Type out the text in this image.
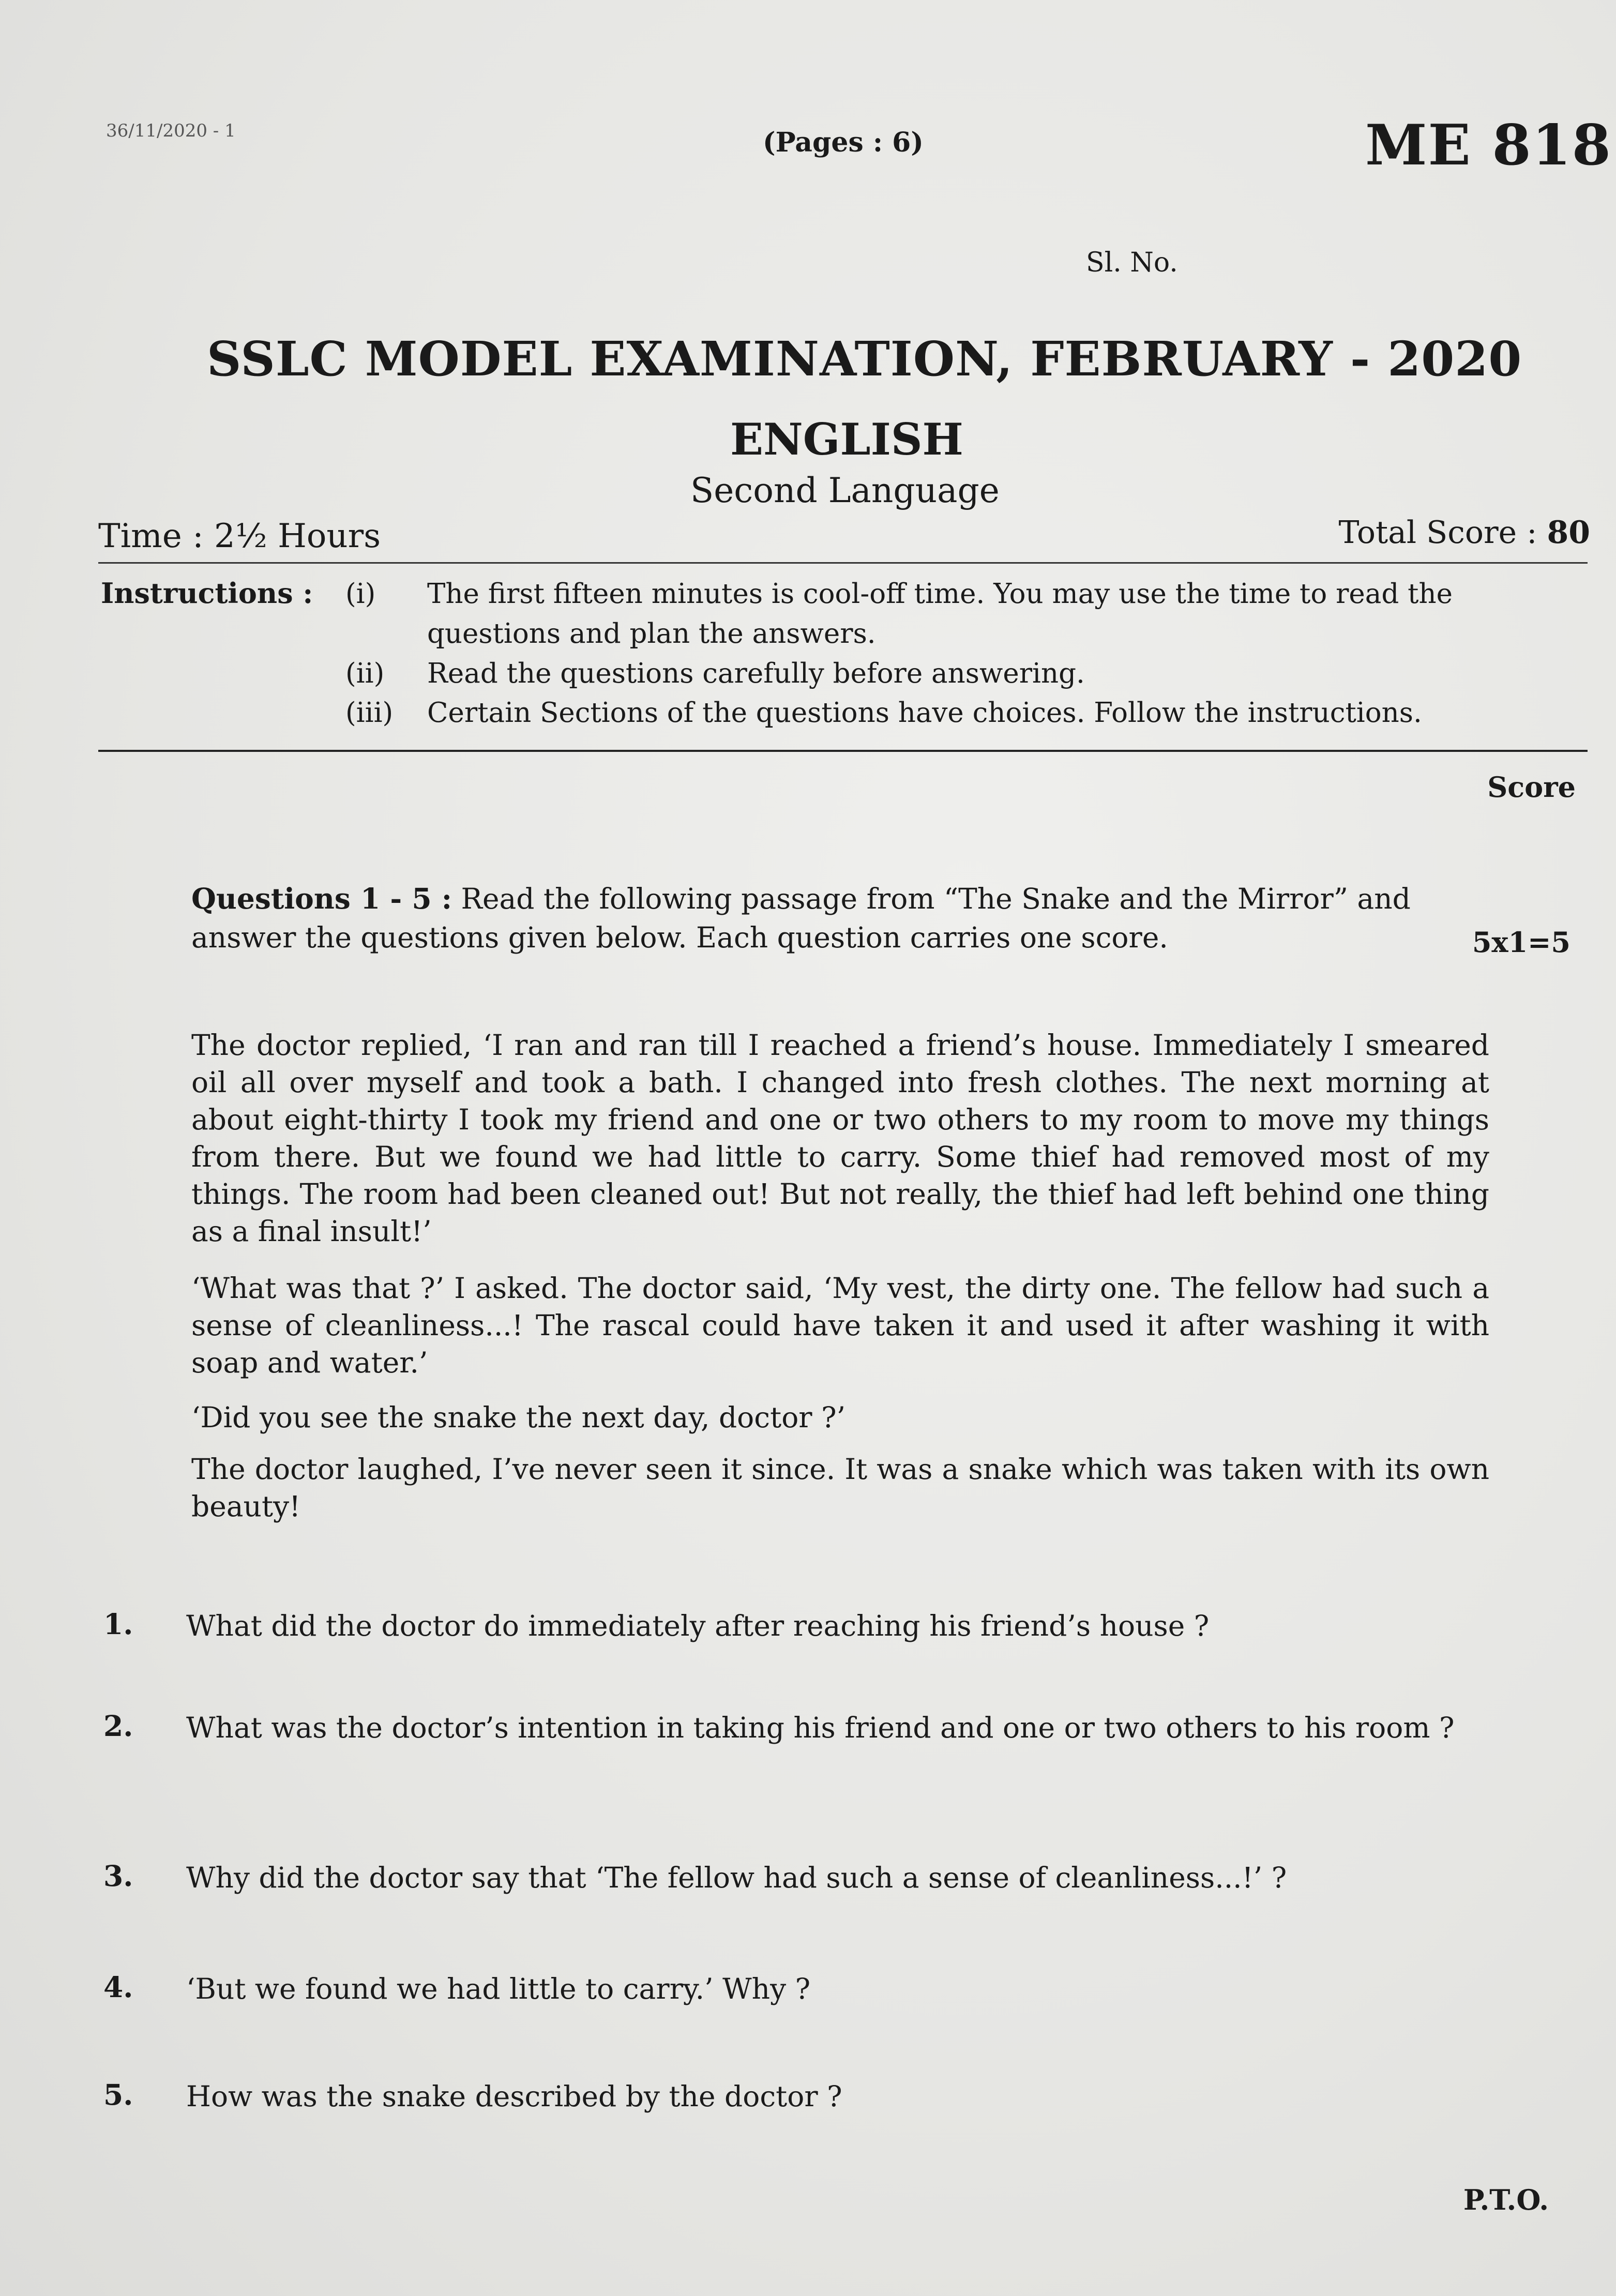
36/11/2020 - 1	(Pages : 6)	ME 818
Sl. No.
SSLC MODEL EXAMINATION, FEBRUARY - 2020
ENGLISH
Second Language
Time : 2½ Hours	Total Score : 80
Instructions : (i) The first fifteen minutes is cool-off time. You may use the time to read the
questions and plan the answers.
(ii) Read the questions carefully before answering.
(iii) Certain Sections of the questions have choices. Follow the instructions.
Score
Questions 1 - 5 : Read the following passage from “The Snake and the Mirror” and answer the questions given below. Each question carries one score.	5x1=5
The doctor replied, ‘I ran and ran till I reached a friend’s house. Immediately I smeared oil all over myself and took a bath. I changed into fresh clothes. The next morning at about eight-thirty I took my friend and one or two others to my room to move my things from there. But we found we had little to carry. Some thief had removed most of my things. The room had been cleaned out! But not really, the thief had left behind one thing as a final insult!’
‘What was that ?’ I asked. The doctor said, ‘My vest, the dirty one. The fellow had such a sense of cleanliness...! The rascal could have taken it and used it after washing it with soap and water.’
‘Did you see the snake the next day, doctor ?’
The doctor laughed, I’ve never seen it since. It was a snake which was taken with its own beauty!
1. What did the doctor do immediately after reaching his friend’s house ?
2. What was the doctor’s intention in taking his friend and one or two others to his room ?
3. Why did the doctor say that ‘The fellow had such a sense of cleanliness...!’ ?
4. ‘But we found we had little to carry.’ Why ?
5. How was the snake described by the doctor ?
P.T.O.
